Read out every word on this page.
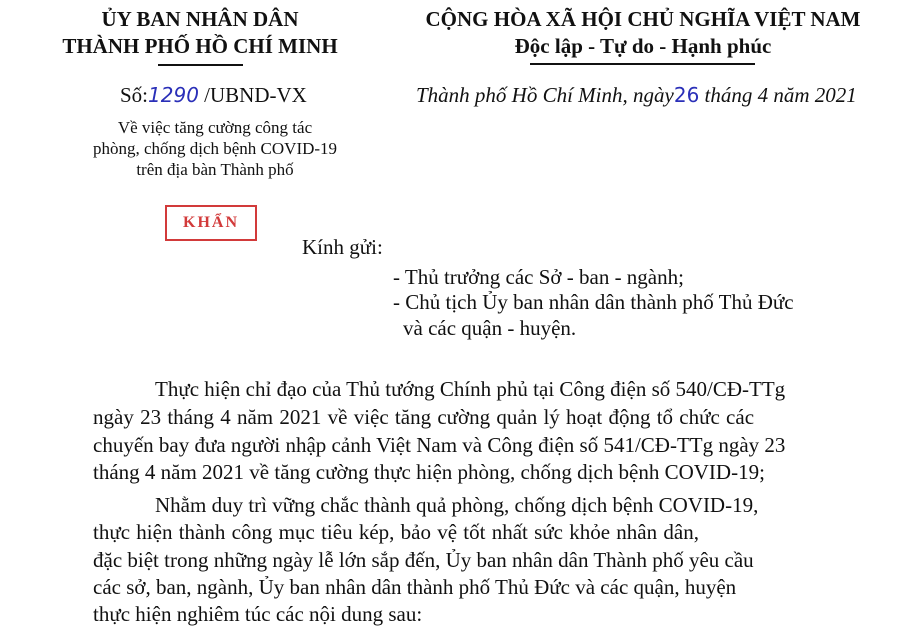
ỦY BAN NHÂN DÂN
THÀNH PHỐ HỒ CHÍ MINH
CỘNG HÒA XÃ HỘI CHỦ NGHĨA VIỆT NAM
Độc lập - Tự do - Hạnh phúc
Số:1290 /UBND-VX	Thành phố Hồ Chí Minh, ngày26 tháng 4 năm 2021
Về việc tăng cường công tác
phòng, chống dịch bệnh COVID-19
trên địa bàn Thành phố
KHẨN
Kính gửi:
- Thủ trưởng các Sở - ban - ngành;
- Chủ tịch Ủy ban nhân dân thành phố Thủ Đức
và các quận - huyện.
Thực hiện chỉ đạo của Thủ tướng Chính phủ tại Công điện số 540/CĐ-TTg
ngày 23 tháng 4 năm 2021 về việc tăng cường quản lý hoạt động tổ chức các
chuyến bay đưa người nhập cảnh Việt Nam và Công điện số 541/CĐ-TTg ngày 23
tháng 4 năm 2021 về tăng cường thực hiện phòng, chống dịch bệnh COVID-19;
Nhằm duy trì vững chắc thành quả phòng, chống dịch bệnh COVID-19,
thực hiện thành công mục tiêu kép, bảo vệ tốt nhất sức khỏe nhân dân,
đặc biệt trong những ngày lễ lớn sắp đến, Ủy ban nhân dân Thành phố yêu cầu
các sở, ban, ngành, Ủy ban nhân dân thành phố Thủ Đức và các quận, huyện
thực hiện nghiêm túc các nội dung sau:
